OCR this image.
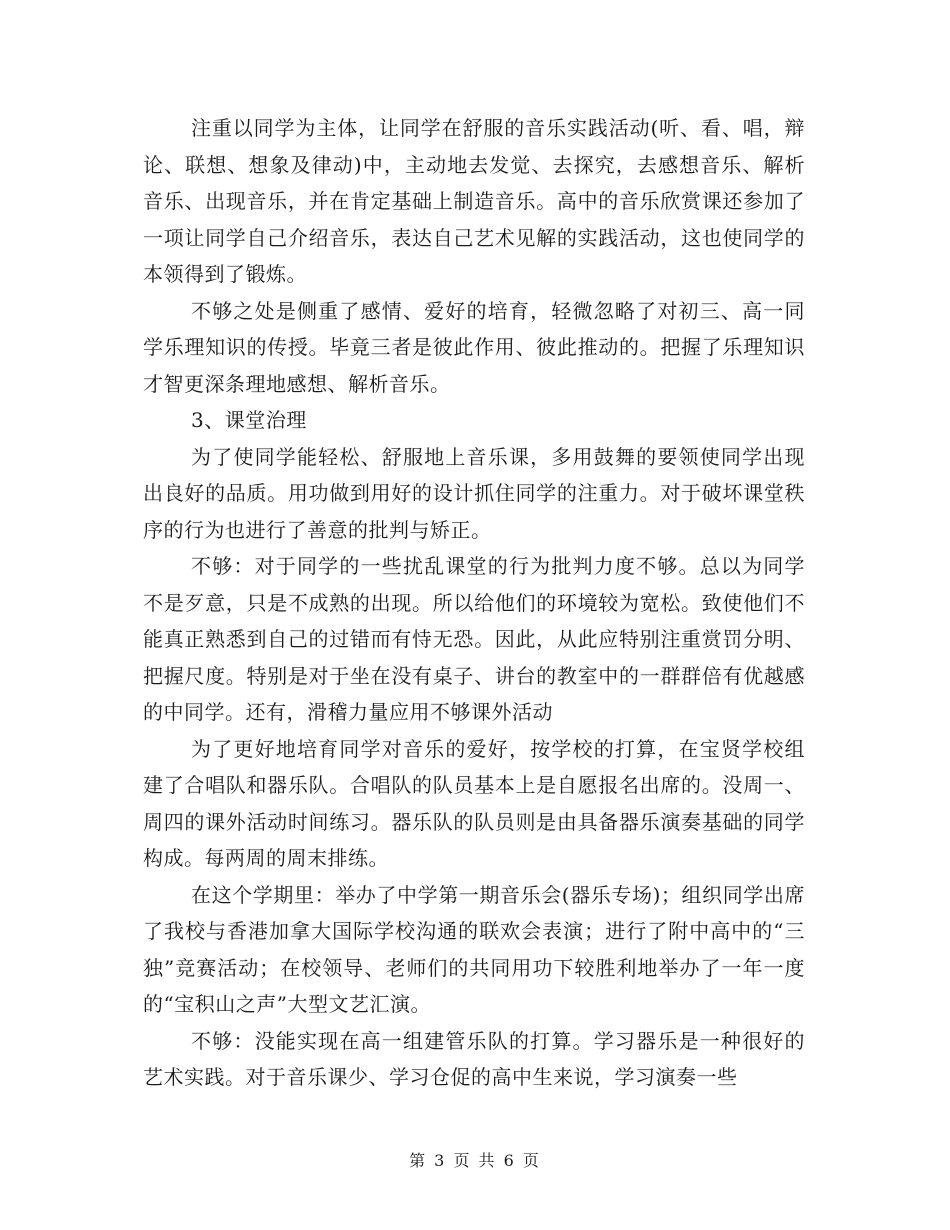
注重以同学为主体，让同学在舒服的音乐实践活动(听、看、唱，辩论、联想、想象及律动)中，主动地去发觉、去探究，去感想音乐、解析音乐、出现音乐，并在肯定基础上制造音乐。高中的音乐欣赏课还参加了一项让同学自己介绍音乐，表达自己艺术见解的实践活动，这也使同学的本领得到了锻炼。

不够之处是侧重了感情、爱好的培育，轻微忽略了对初三、高一同学乐理知识的传授。毕竟三者是彼此作用、彼此推动的。把握了乐理知识才智更深条理地感想、解析音乐。

3、课堂治理

为了使同学能轻松、舒服地上音乐课，多用鼓舞的要领使同学出现出良好的品质。用功做到用好的设计抓住同学的注重力。对于破坏课堂秩序的行为也进行了善意的批判与矫正。

不够：对于同学的一些扰乱课堂的行为批判力度不够。总以为同学不是歹意，只是不成熟的出现。所以给他们的环境较为宽松。致使他们不能真正熟悉到自己的过错而有恃无恐。因此，从此应特别注重赏罚分明、把握尺度。特别是对于坐在没有桌子、讲台的教室中的一群群倍有优越感的中同学。还有，滑稽力量应用不够课外活动

为了更好地培育同学对音乐的爱好，按学校的打算，在宝贤学校组建了合唱队和器乐队。合唱队的队员基本上是自愿报名出席的。没周一、周四的课外活动时间练习。器乐队的队员则是由具备器乐演奏基础的同学构成。每两周的周末排练。

在这个学期里：举办了中学第一期音乐会(器乐专场)；组织同学出席了我校与香港加拿大国际学校沟通的联欢会表演；进行了附中高中的“三独”竞赛活动；在校领导、老师们的共同用功下较胜利地举办了一年一度的“宝积山之声”大型文艺汇演。

不够：没能实现在高一组建管乐队的打算。学习器乐是一种很好的艺术实践。对于音乐课少、学习仓促的高中生来说，学习演奏一些

第 3 页 共 6 页
